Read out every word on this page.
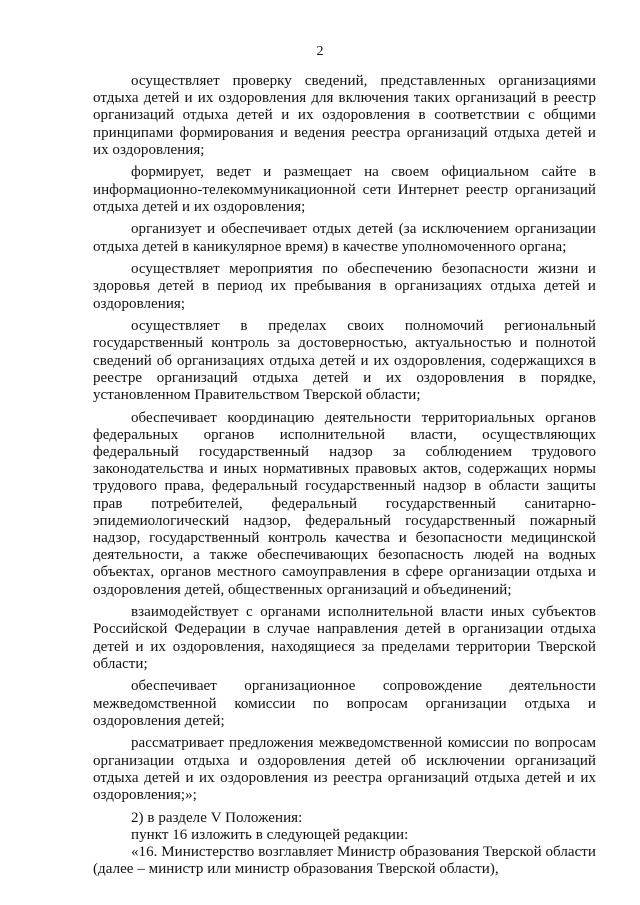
2

осуществляет проверку сведений, представленных организациями отдыха детей и их оздоровления для включения таких организаций в реестр организаций отдыха детей и их оздоровления в соответствии с общими принципами формирования и ведения реестра организаций отдыха детей и их оздоровления;

формирует, ведет и размещает на своем официальном сайте в информационно-телекоммуникационной сети Интернет реестр организаций отдыха детей и их оздоровления;

организует и обеспечивает отдых детей (за исключением организации отдыха детей в каникулярное время) в качестве уполномоченного органа;

осуществляет мероприятия по обеспечению безопасности жизни и здоровья детей в период их пребывания в организациях отдыха детей и оздоровления;

осуществляет в пределах своих полномочий региональный государственный контроль за достоверностью, актуальностью и полнотой сведений об организациях отдыха детей и их оздоровления, содержащихся в реестре организаций отдыха детей и их оздоровления в порядке, установленном Правительством Тверской области;

обеспечивает координацию деятельности территориальных органов федеральных органов исполнительной власти, осуществляющих федеральный государственный надзор за соблюдением трудового законодательства и иных нормативных правовых актов, содержащих нормы трудового права, федеральный государственный надзор в области защиты прав потребителей, федеральный государственный санитарно-эпидемиологический надзор, федеральный государственный пожарный надзор, государственный контроль качества и безопасности медицинской деятельности, а также обеспечивающих безопасность людей на водных объектах, органов местного самоуправления в сфере организации отдыха и оздоровления детей, общественных организаций и объединений;

взаимодействует с органами исполнительной власти иных субъектов Российской Федерации в случае направления детей в организации отдыха детей и их оздоровления, находящиеся за пределами территории Тверской области;

обеспечивает организационное сопровождение деятельности межведомственной комиссии по вопросам организации отдыха и оздоровления детей;

рассматривает предложения межведомственной комиссии по вопросам организации отдыха и оздоровления детей об исключении организаций отдыха детей и их оздоровления из реестра организаций отдыха детей и их оздоровления;»;

2) в разделе V Положения:

пункт 16 изложить в следующей редакции:

«16. Министерство возглавляет Министр образования Тверской области (далее – министр или министр образования Тверской области),
